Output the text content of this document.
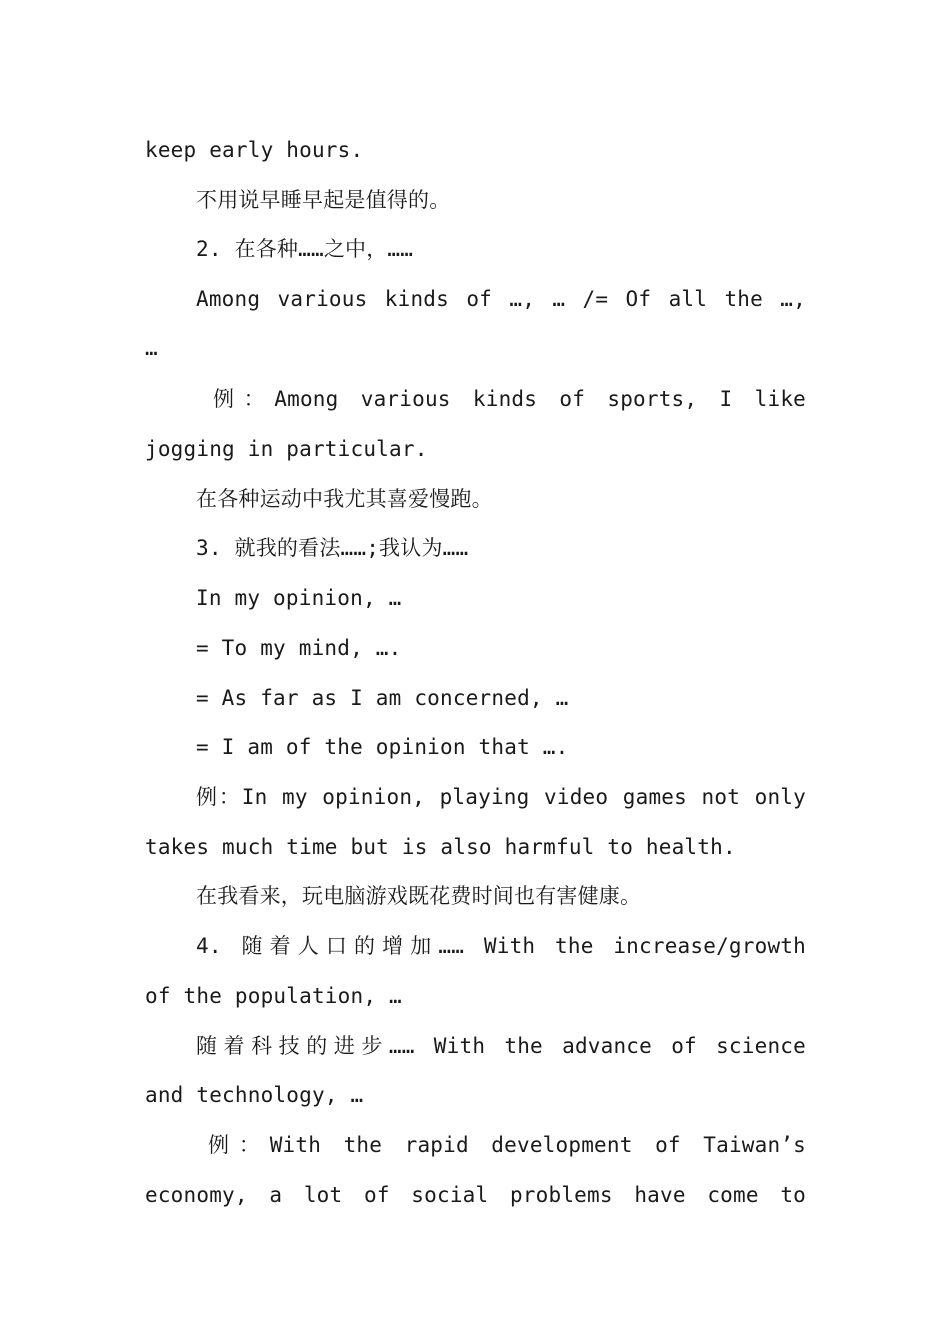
keep early hours.
不用说早睡早起是值得的。
2. 在各种……之中，……
Among various kinds of …, … /= Of all the …,
…
例：Among various kinds of sports, I like
jogging in particular.
在各种运动中我尤其喜爱慢跑。
3. 就我的看法……;我认为……
In my opinion, …
= To my mind, ….
= As far as I am concerned, …
= I am of the opinion that ….
例：In my opinion, playing video games not only
takes much time but is also harmful to health.
在我看来，玩电脑游戏既花费时间也有害健康。
4. 随着人口的增加…… With the increase/growth
of the population, …
随着科技的进步…… With the advance of science
and technology, …
例：With the rapid development of Taiwan’s
economy, a lot of social problems have come to
